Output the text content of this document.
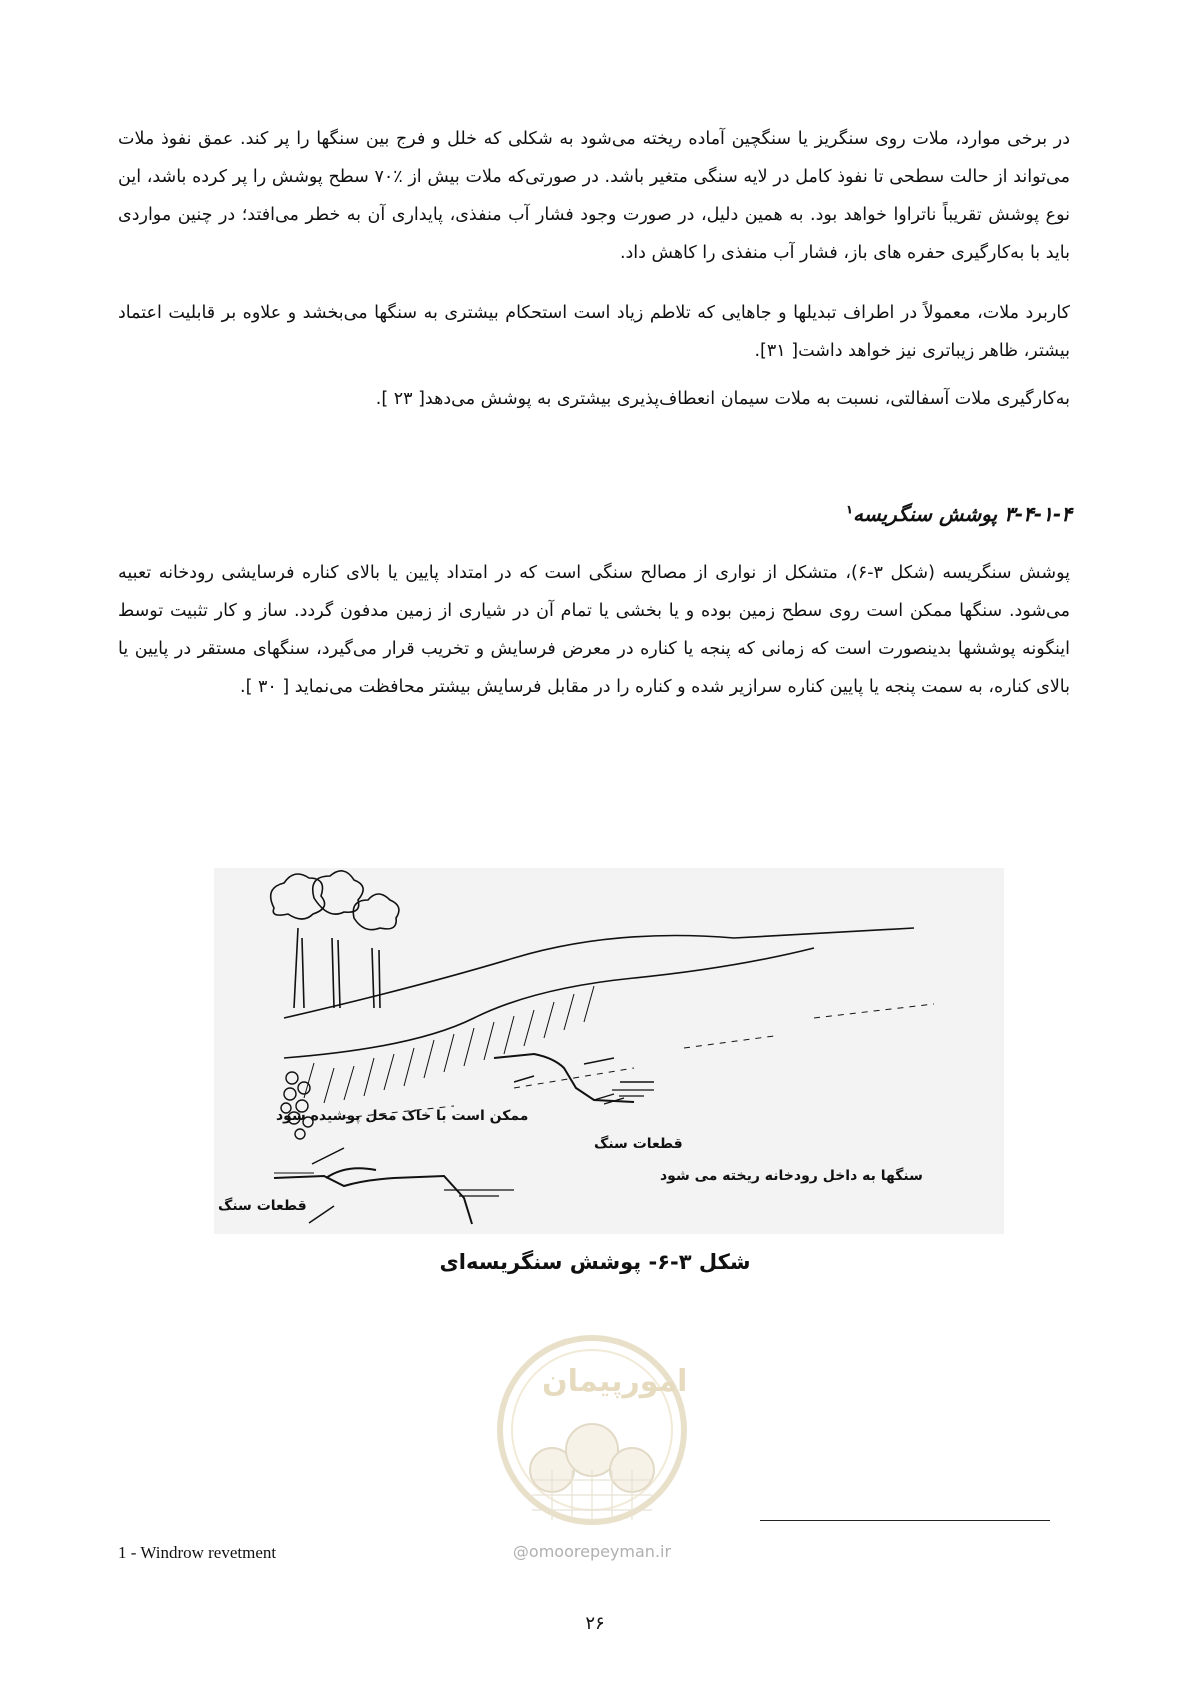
در برخی موارد، ملات روی سنگریز یا سنگچین آماده ریخته می‌شود به شکلی که خلل و فرج بین سنگها را پر کند. عمق نفوذ ملات می‌تواند از حالت سطحی تا نفوذ کامل در لایه سنگی متغیر باشد. در صورتی‌که ملات بیش از ٪۷۰ سطح پوشش را پر کرده باشد، این نوع پوشش تقریباً ناتراوا خواهد بود. به همین دلیل، در صورت وجود فشار آب منفذی، پایداری آن به خطر می‌افتد؛ در چنین مواردی باید با به‌کارگیری حفره های باز، فشار آب منفذی را کاهش داد.

کاربرد ملات، معمولاً در اطراف تبدیلها و جاهایی که تلاطم زیاد است استحکام بیشتری به سنگها می‌بخشد و علاوه بر قابلیت اعتماد بیشتر، ظاهر زیباتری نیز خواهد داشت[ ۳۱].

به‌کارگیری ملات آسفالتی، نسبت به ملات سیمان انعطاف‌پذیری بیشتری به پوشش می‌دهد[ ۲۳ ].

۳-۴-۱-۴ پوشش سنگریسه$^۱$

پوشش سنگریسه (شکل ۳-۶)، متشکل از نواری از مصالح سنگی است که در امتداد پایین یا بالای کناره فرسایشی رودخانه تعبیه می‌شود. سنگها ممکن است روی سطح زمین بوده و یا بخشی یا تمام آن در شیاری از زمین مدفون گردد. ساز و کار تثبیت توسط اینگونه پوششها بدینصورت است که زمانی که پنجه یا کناره در معرض فرسایش و تخریب قرار می‌گیرد، سنگهای مستقر در پایین یا بالای کناره، به سمت پنجه یا پایین کناره سرازیر شده و کناره را در مقابل فرسایش بیشتر محافظت می‌نماید [ ۳۰ ].

ممکن است با خاک محل پوشیده شود
قطعات سنگ
سنگها به داخل رودخانه ریخته می شود
قطعات سنگ

شکل ۳-۶- پوشش سنگریسه‌ای

امورپیمان
@omoorepeyman.ir
1 - Windrow revetment
۲۶
